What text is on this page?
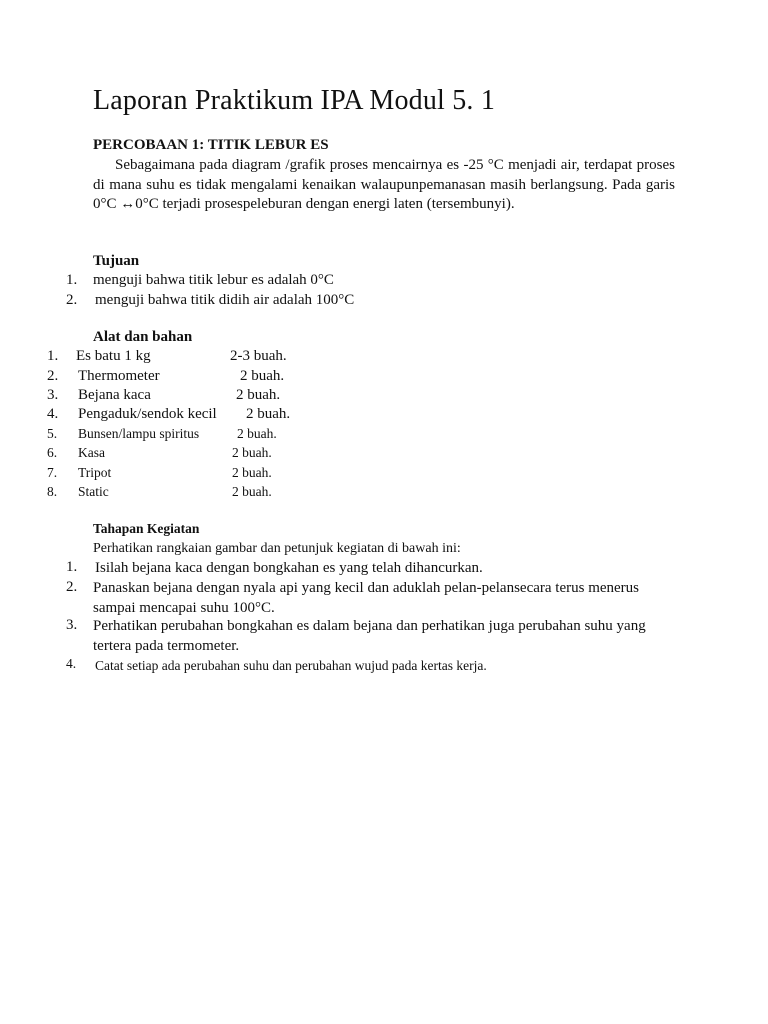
Laporan Praktikum IPA Modul 5. 1
PERCOBAAN 1: TITIK LEBUR ES
Sebagaimana pada diagram /grafik proses mencairnya es -25 °C menjadi air, terdapat proses di mana suhu es tidak mengalami kenaikan walaupunpemanasan masih berlangsung. Pada garis 0°C ↔0°C terjadi prosespeleburan dengan energi laten (tersembunyi).
Tujuan
1. menguji bahwa titik lebur es adalah 0°C
2. menguji bahwa titik didih air adalah 100°C
Alat dan bahan
1. Es batu 1 kg	2-3 buah.
2. Thermometer	2 buah.
3. Bejana kaca	2 buah.
4. Pengaduk/sendok kecil 2 buah.
5. Bunsen/lampu spiritus	2 buah.
6. Kasa	2 buah.
7. Tripot	2 buah.
8. Static	2 buah.
Tahapan Kegiatan
Perhatikan rangkaian gambar dan petunjuk kegiatan di bawah ini:
1. Isilah bejana kaca dengan bongkahan es yang telah dihancurkan.
2. Panaskan bejana dengan nyala api yang kecil dan aduklah pelan-pelansecara terus menerus sampai mencapai suhu 100°C.
3. Perhatikan perubahan bongkahan es dalam bejana dan perhatikan juga perubahan suhu yang tertera pada termometer.
4. Catat setiap ada perubahan suhu dan perubahan wujud pada kertas kerja.
